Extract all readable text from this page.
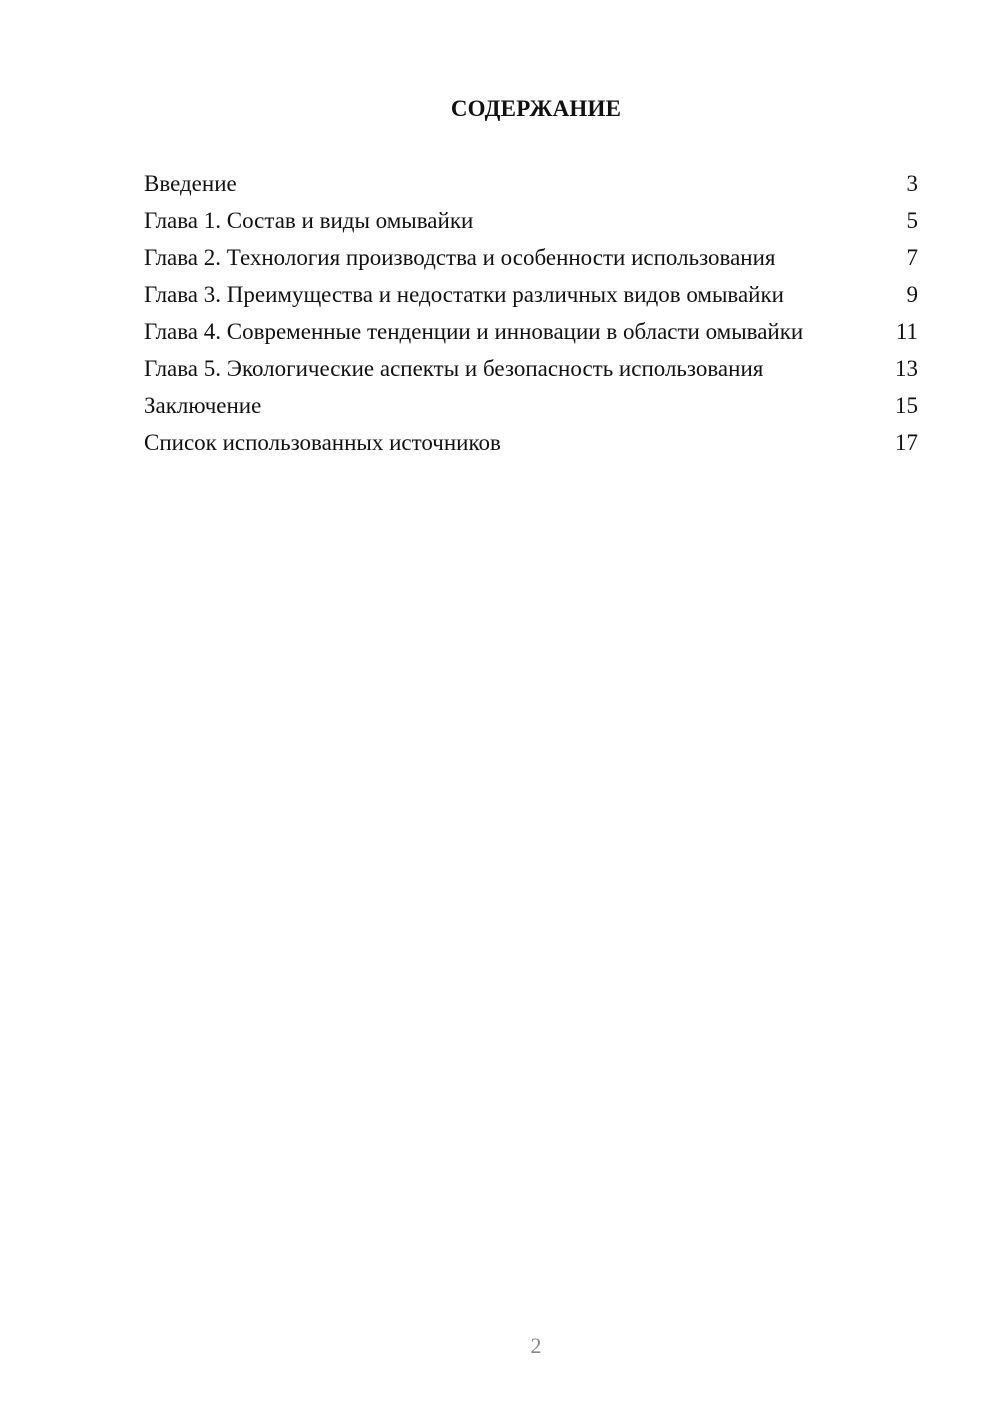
СОДЕРЖАНИЕ
Введение	3
Глава 1. Состав и виды омывайки	5
Глава 2. Технология производства и особенности использования	7
Глава 3. Преимущества и недостатки различных видов омывайки	9
Глава 4. Современные тенденции и инновации в области омывайки	11
Глава 5. Экологические аспекты и безопасность использования	13
Заключение	15
Список использованных источников	17
2
